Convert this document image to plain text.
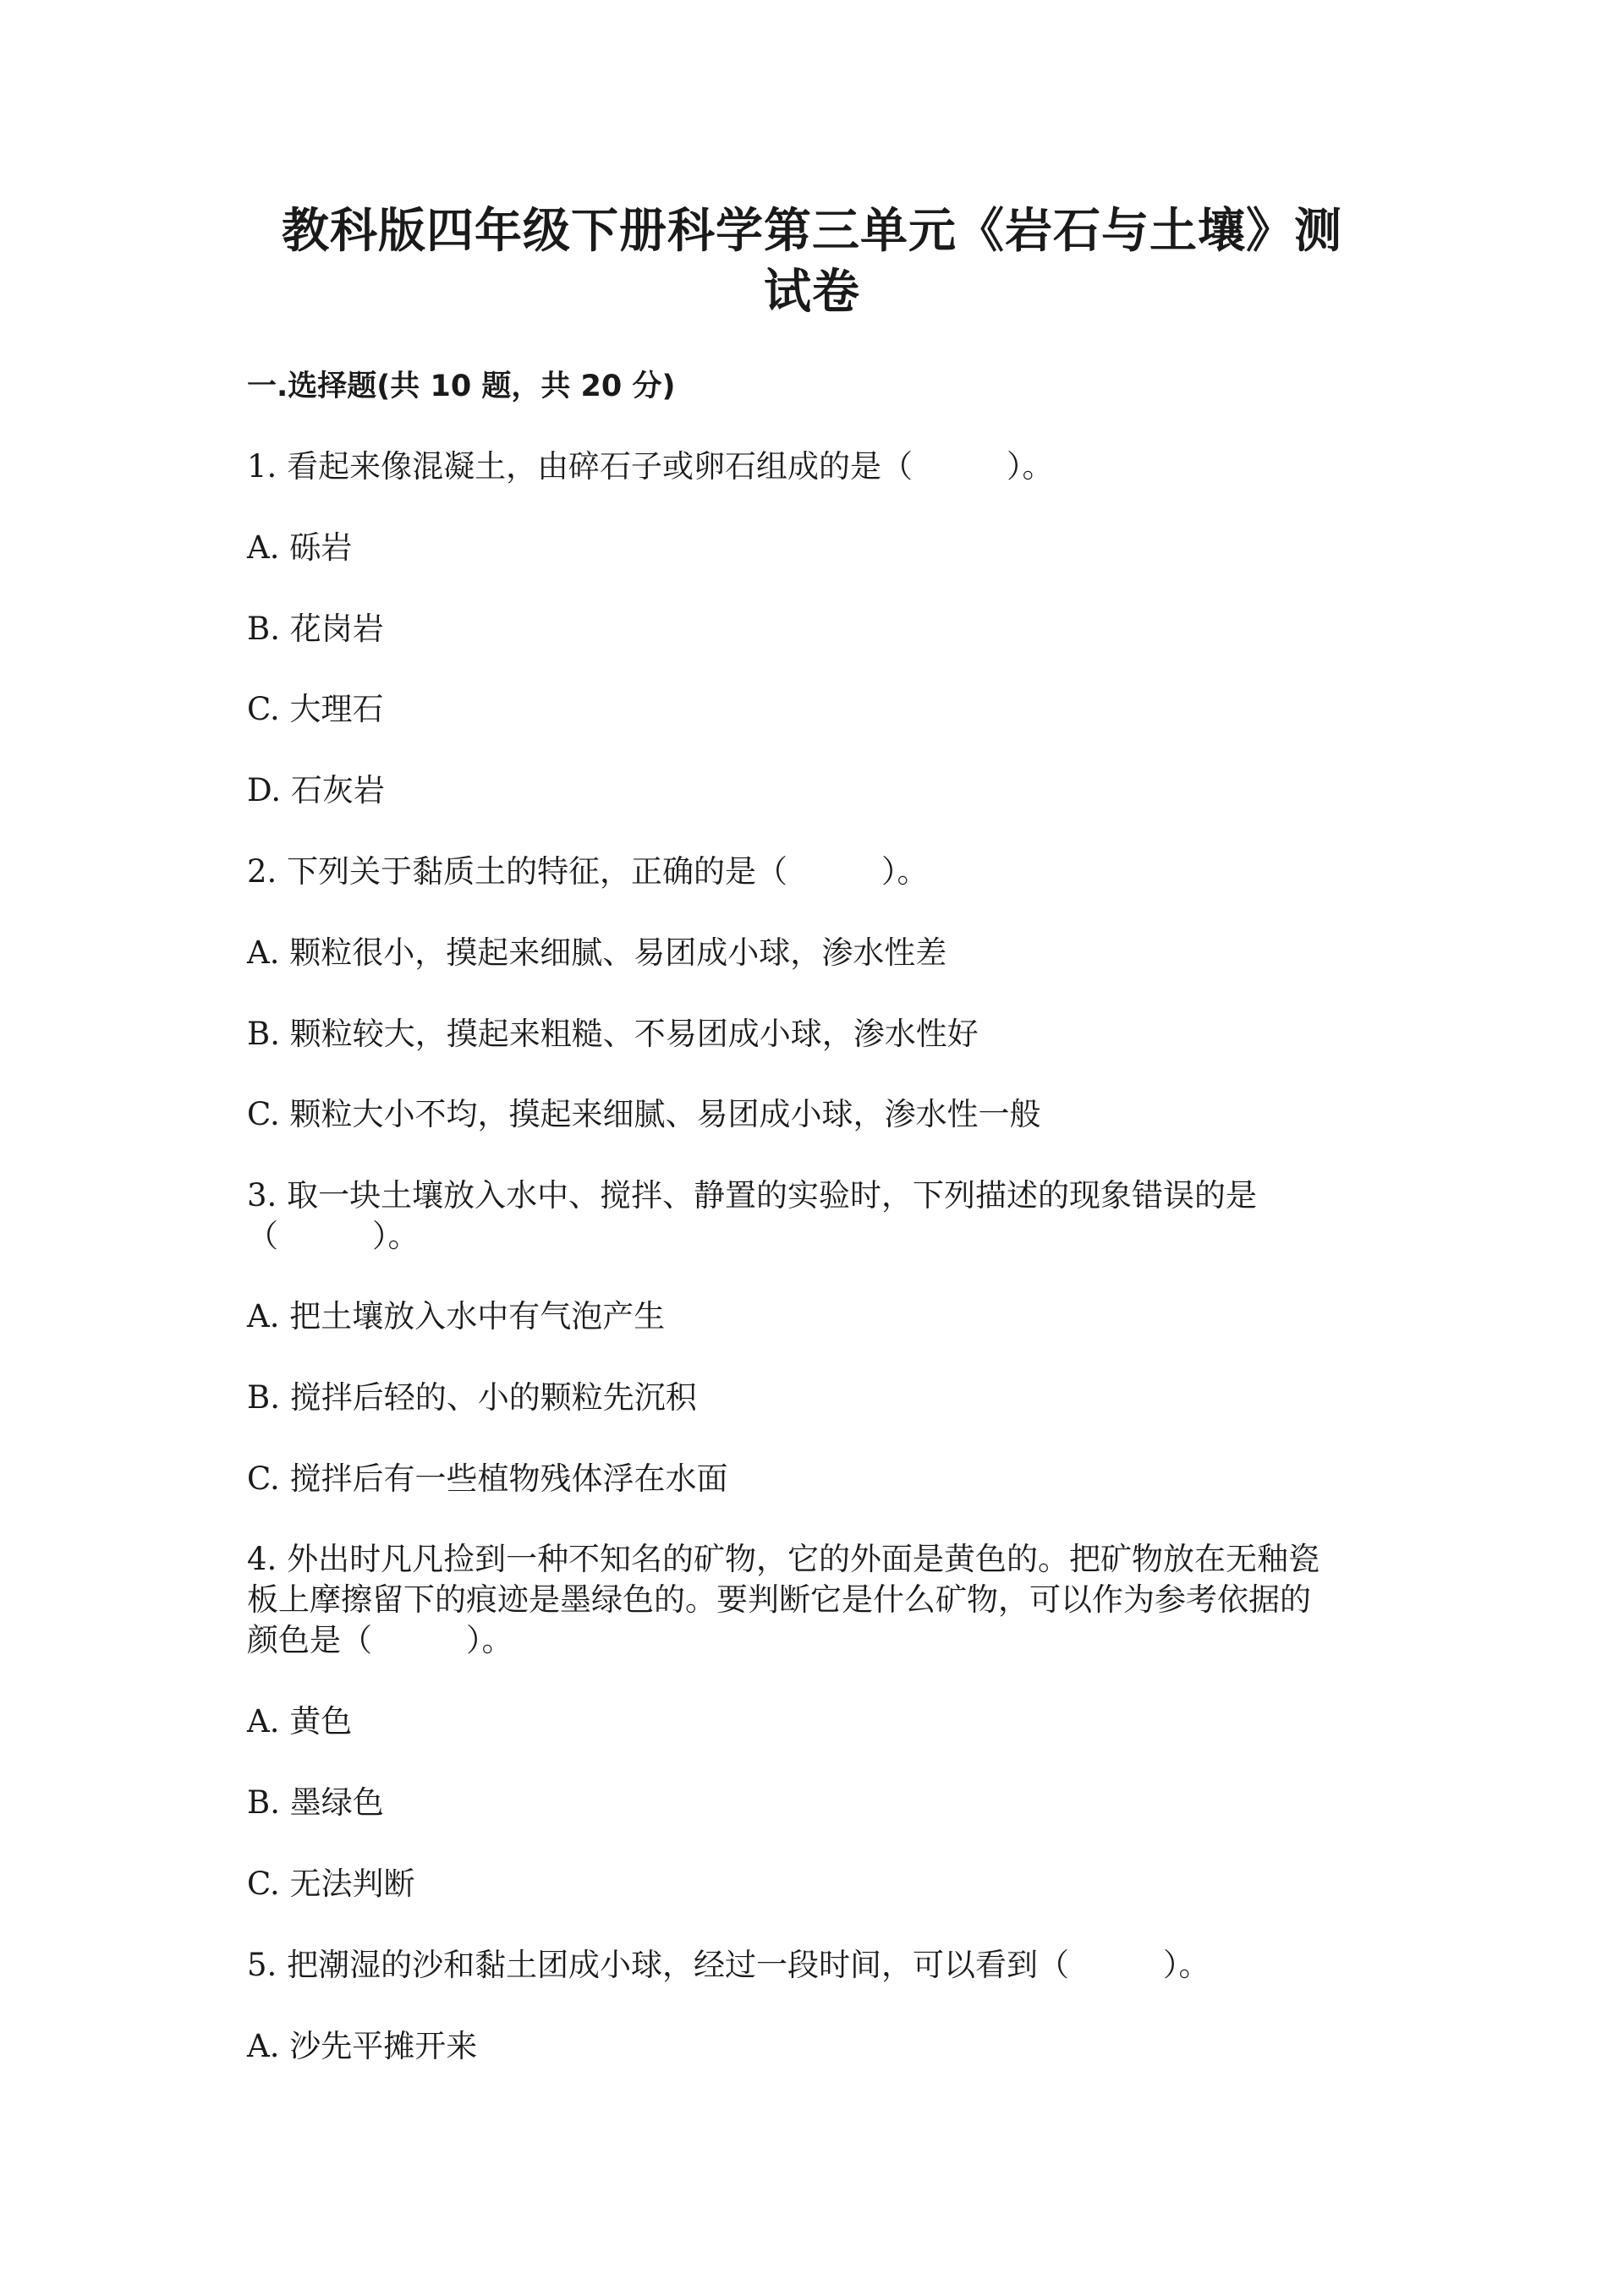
教科版四年级下册科学第三单元《岩石与土壤》测
试卷
一.选择题(共 10 题，共 20 分)
1. 看起来像混凝土，由碎石子或卵石组成的是（　　　）。
A. 砾岩
B. 花岗岩
C. 大理石
D. 石灰岩
2. 下列关于黏质土的特征，正确的是（　　　）。
A. 颗粒很小，摸起来细腻、易团成小球，渗水性差
B. 颗粒较大，摸起来粗糙、不易团成小球，渗水性好
C. 颗粒大小不均，摸起来细腻、易团成小球，渗水性一般
3. 取一块土壤放入水中、搅拌、静置的实验时，下列描述的现象错误的是
（　　　）。
A. 把土壤放入水中有气泡产生
B. 搅拌后轻的、小的颗粒先沉积
C. 搅拌后有一些植物残体浮在水面
4. 外出时凡凡捡到一种不知名的矿物，它的外面是黄色的。把矿物放在无釉瓷
板上摩擦留下的痕迹是墨绿色的。要判断它是什么矿物，可以作为参考依据的
颜色是（　　　）。
A. 黄色
B. 墨绿色
C. 无法判断
5. 把潮湿的沙和黏土团成小球，经过一段时间，可以看到（　　　）。
A. 沙先平摊开来
